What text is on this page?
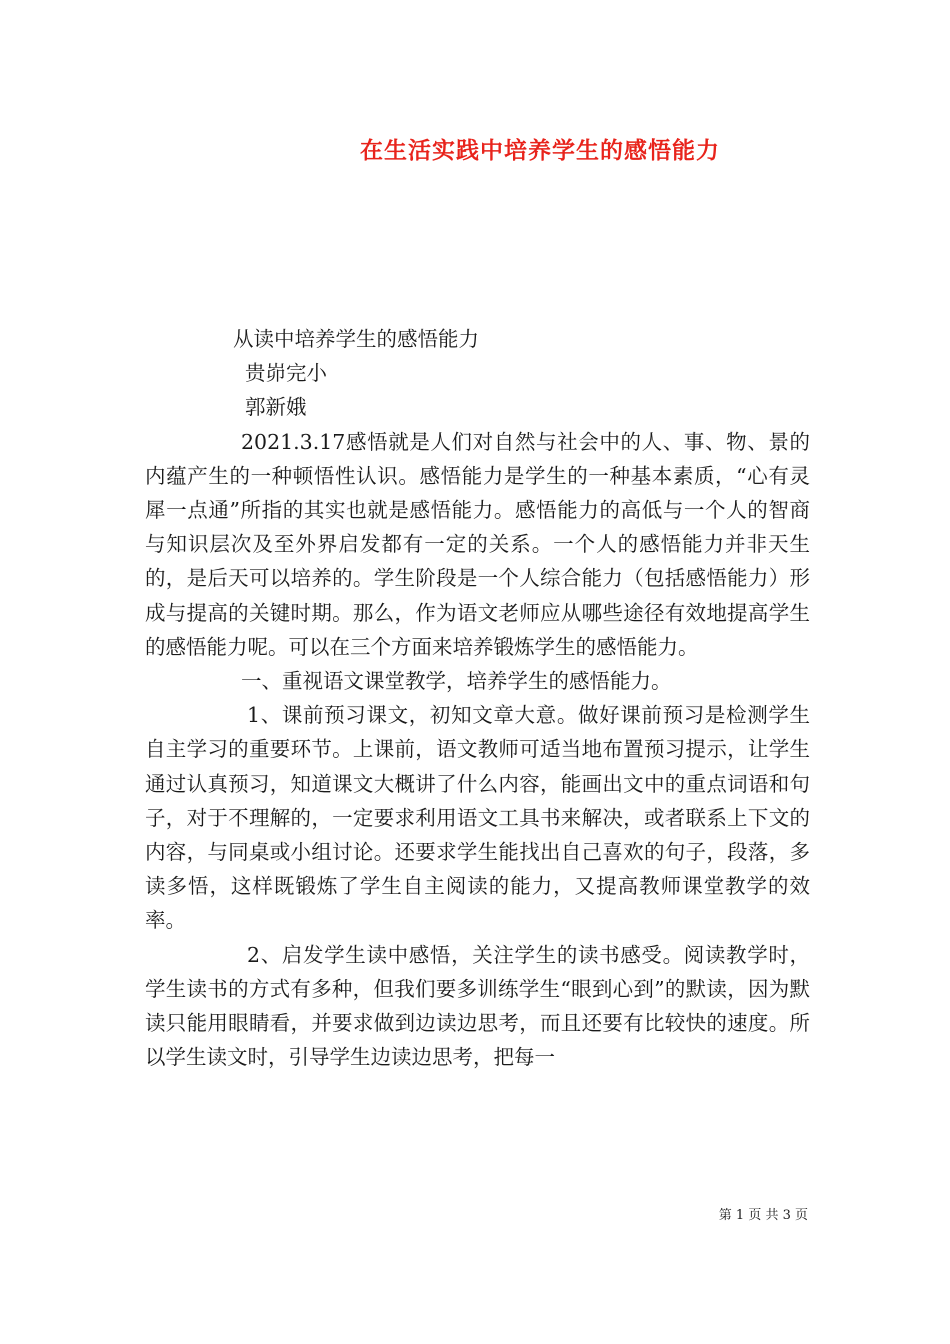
在生活实践中培养学生的感悟能力
从读中培养学生的感悟能力
贵峁完小
郭新娥
2021.3.17感悟就是人们对自然与社会中的人、事、物、景的内蕴产生的一种顿悟性认识。感悟能力是学生的一种基本素质，“心有灵犀一点通”所指的其实也就是感悟能力。感悟能力的高低与一个人的智商与知识层次及至外界启发都有一定的关系。一个人的感悟能力并非天生的，是后天可以培养的。学生阶段是一个人综合能力（包括感悟能力）形成与提高的关键时期。那么，作为语文老师应从哪些途径有效地提高学生的感悟能力呢。可以在三个方面来培养锻炼学生的感悟能力。
一、重视语文课堂教学，培养学生的感悟能力。
1、课前预习课文，初知文章大意。做好课前预习是检测学生自主学习的重要环节。上课前，语文教师可适当地布置预习提示，让学生通过认真预习，知道课文大概讲了什么内容，能画出文中的重点词语和句子，对于不理解的，一定要求利用语文工具书来解决，或者联系上下文的内容，与同桌或小组讨论。还要求学生能找出自己喜欢的句子，段落，多读多悟，这样既锻炼了学生自主阅读的能力，又提高教师课堂教学的效率。
2、启发学生读中感悟，关注学生的读书感受。阅读教学时，学生读书的方式有多种，但我们要多训练学生“眼到心到”的默读，因为默读只能用眼睛看，并要求做到边读边思考，而且还要有比较快的速度。所以学生读文时，引导学生边读边思考，把每一
第 1 页 共 3 页
